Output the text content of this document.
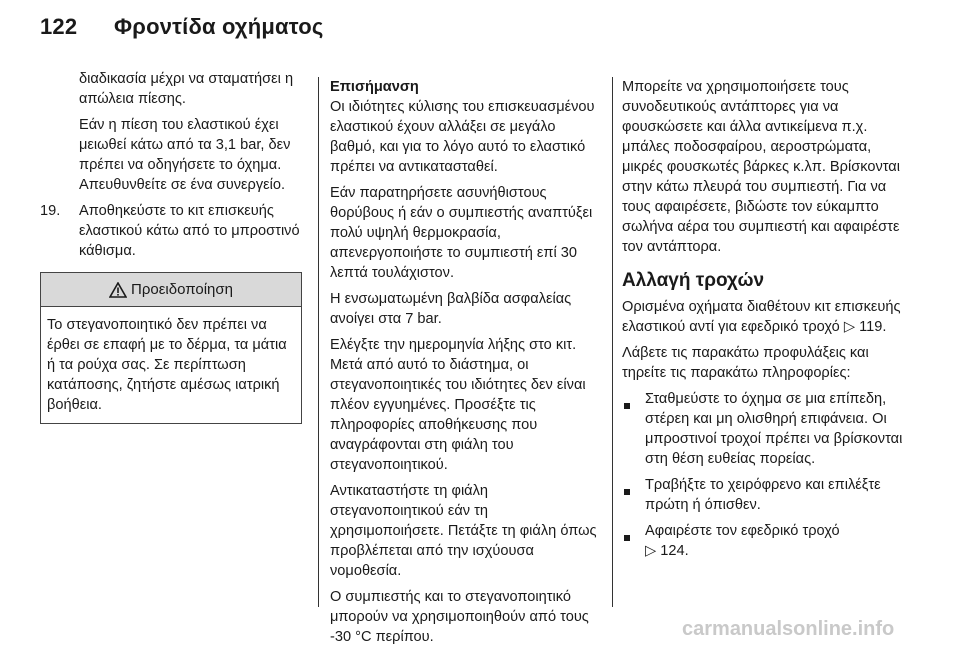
122 Φροντίδα οχήματος

διαδικασία μέχρι να σταματήσει η απώλεια πίεσης.

Εάν η πίεση του ελαστικού έχει μειωθεί κάτω από τα 3,1 bar, δεν πρέπει να οδηγήσετε το όχημα. Απευθυνθείτε σε ένα συνεργείο.

19.	Αποθηκεύστε το κιτ επισκευής ελαστικού κάτω από το μπροστινό κάθισμα.
Προειδοποίηση
Το στεγανοποιητικό δεν πρέπει να έρθει σε επαφή με το δέρμα, τα μάτια ή τα ρούχα σας. Σε περίπτωση κατάποσης, ζητήστε αμέσως ιατρική βοήθεια.
Επισήμανση

Οι ιδιότητες κύλισης του επισκευασμένου ελαστικού έχουν αλλάξει σε μεγάλο βαθμό, και για το λόγο αυτό το ελαστικό πρέπει να αντικατασταθεί.

Εάν παρατηρήσετε ασυνήθιστους θορύβους ή εάν ο συμπιεστής αναπτύξει πολύ υψηλή θερμοκρασία, απενεργοποιήστε το συμπιεστή επί 30 λεπτά τουλάχιστον.

Η ενσωματωμένη βαλβίδα ασφαλείας ανοίγει στα 7 bar.

Ελέγξτε την ημερομηνία λήξης στο κιτ. Μετά από αυτό το διάστημα, οι στεγανοποιητικές του ιδιότητες δεν είναι πλέον εγγυημένες. Προσέξτε τις πληροφορίες αποθήκευσης που αναγράφονται στη φιάλη του στεγανοποιητικού.

Αντικαταστήστε τη φιάλη στεγανοποιητικού εάν τη χρησιμοποιήσετε. Πετάξτε τη φιάλη όπως προβλέπεται από την ισχύουσα νομοθεσία.

Ο συμπιεστής και το στεγανοποιητικό μπορούν να χρησιμοποιηθούν από τους -30 °C περίπου.

Μπορείτε να χρησιμοποιήσετε τους συνοδευτικούς αντάπτορες για να φουσκώσετε και άλλα αντικείμενα π.χ. μπάλες ποδοσφαίρου, αεροστρώματα, μικρές φουσκωτές βάρκες κ.λπ. Βρίσκονται στην κάτω πλευρά του συμπιεστή. Για να τους αφαιρέσετε, βιδώστε τον εύκαμπτο σωλήνα αέρα του συμπιεστή και αφαιρέστε τον αντάπτορα.

Αλλαγή τροχών

Ορισμένα οχήματα διαθέτουν κιτ επισκευής ελαστικού αντί για εφεδρικό τροχό ▷ 119.

Λάβετε τις παρακάτω προφυλάξεις και τηρείτε τις παρακάτω πληροφορίες:

Σταθμεύστε το όχημα σε μια επίπεδη, στέρεη και μη ολισθηρή επιφάνεια. Οι μπροστινοί τροχοί πρέπει να βρίσκονται στη θέση ευθείας πορείας.

Τραβήξτε το χειρόφρενο και επιλέξτε πρώτη ή όπισθεν.

Αφαιρέστε τον εφεδρικό τροχό
▷ 124.

carmanualsonline.info
